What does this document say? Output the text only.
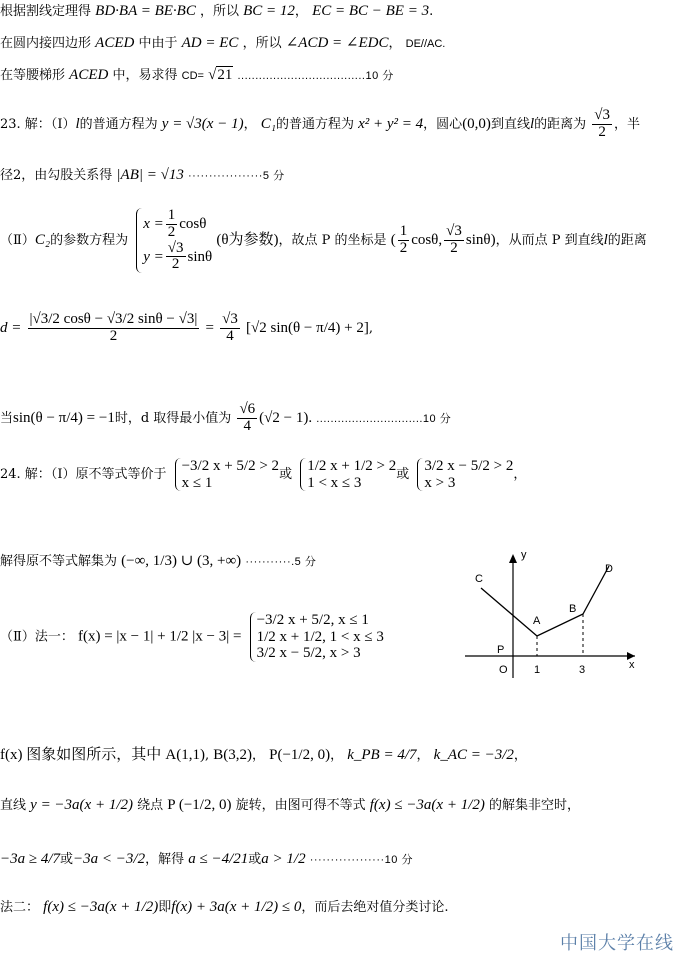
根据割线定理得 BD·BA = BE·BC ，所以 BC = 12， EC = BC − BE = 3.
在圆内接四边形 ACED 中由于 AD = EC ，所以 ∠ACD = ∠EDC， DE//AC.
在等腰梯形 ACED 中，易求得 CD= √21 ....................................10 分
23. 解：（Ⅰ）l的普通方程为 y = √3(x − 1)， C₁的普通方程为 x² + y² = 4，圆心(0,0)到直线l的距离为 $\frac{√3}{2}$ ，半
径2，由勾股关系得 |AB| = √13 ··················5 分
（Ⅱ）C₂的参数方程为
$x = \frac{1}{2}$ cosθ
$y = \frac{√3}{2}$ sinθ
(θ为参数)，故点 P 的坐标是 ( $\frac{1}{2} \cos\theta$, $\frac{√3}{2} \sin\theta$)，从而点 P 到直线l的距离
$d = \frac{|√3/2 \cos\theta - √3/2 \sin\theta - √3|}{2} = \frac{√3}{4} [√2$ sin(θ − π/4) + 2],
当sin(θ − π/4) = −1时，d 取得最小值为 $\frac{√6}{4} (√2 - 1)$. ..............................10 分
24. 解：（Ⅰ）原不等式等价于
−3/2 x + 5/2 > 2
x ≤ 1	或
1/2 x + 1/2 > 2
1 < x ≤ 3	或
3/2 x − 5/2 > 2
x > 3	，
解得原不等式解集为 (−∞, 1/3) ∪ (3, +∞) ···········.5 分
（Ⅱ）法一： f(x) = |x − 1| + 1/2 |x − 3| =
−3/2 x + 5/2, x ≤ 1
1/2 x + 1/2, 1 < x ≤ 3
3/2 x − 5/2, x > 3
y
x
C
D
A
B
P
O 1	3
f(x) 图象如图所示，其中 A(1,1), B(3,2)， P(−1/2, 0)， k_PB = 4/7， k_AC = −3/2，
直线 y = −3a(x + 1/2) 绕点 P (−1/2, 0) 旋转，由图可得不等式 f(x) ≤ −3a(x + 1/2) 的解集非空时，
−3a ≥ 4/7或−3a < −3/2，解得 a ≤ −4/21或a > 1/2 ··················10 分
法二： f(x) ≤ −3a(x + 1/2)即f(x) + 3a(x + 1/2) ≤ 0，而后去绝对值分类讨论.
中国大学在线
